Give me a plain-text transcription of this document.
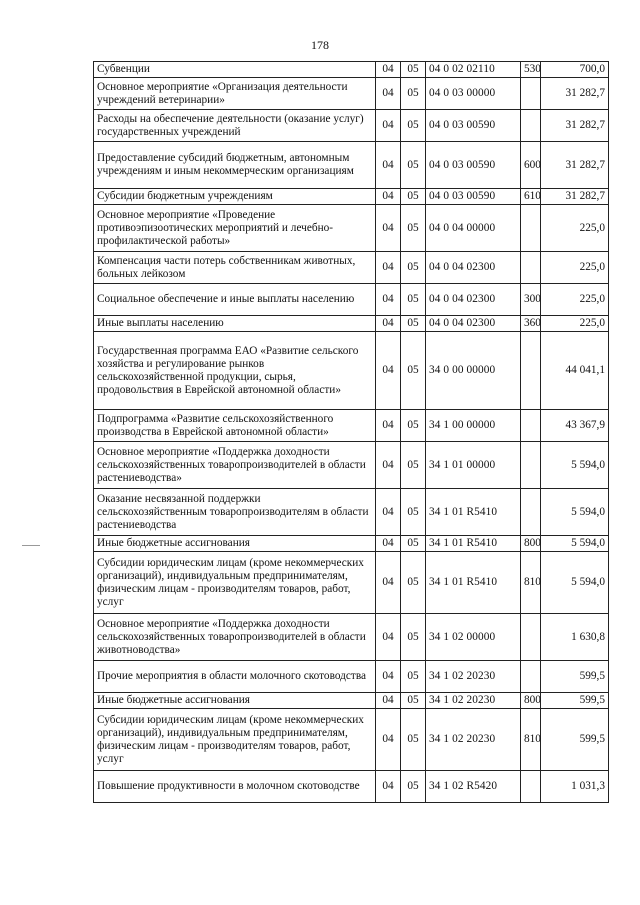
178
Субвенции	04	05	04 0 02 02110	530	700,0
Основное мероприятие «Организация деятельности учреждений ветеринарии»	04	05	04 0 03 00000		31 282,7
Расходы на обеспечение деятельности (оказание услуг) государственных учреждений	04	05	04 0 03 00590		31 282,7
Предоставление субсидий бюджетным, автономным учреждениям и иным некоммерческим организациям	04	05	04 0 03 00590	600	31 282,7
Субсидии бюджетным учреждениям	04	05	04 0 03 00590	610	31 282,7
Основное мероприятие «Проведение противоэпизоотических мероприятий и лечебно-профилактической работы»	04	05	04 0 04 00000		225,0
Компенсация части потерь собственникам животных, больных лейкозом	04	05	04 0 04 02300		225,0
Социальное обеспечение и иные выплаты населению	04	05	04 0 04 02300	300	225,0
Иные выплаты населению	04	05	04 0 04 02300	360	225,0
Государственная программа ЕАО «Развитие сельского хозяйства и регулирование рынков сельскохозяйственной продукции, сырья, продовольствия в Еврейской автономной области»	04	05	34 0 00 00000		44 041,1
Подпрограмма «Развитие сельскохозяйственного производства в Еврейской автономной области»	04	05	34 1 00 00000		43 367,9
Основное мероприятие «Поддержка доходности сельскохозяйственных товаропроизводителей в области растениеводства»	04	05	34 1 01 00000		5 594,0
Оказание несвязанной поддержки сельскохозяйственным товаропроизводителям в области растениеводства	04	05	34 1 01 R5410		5 594,0
Иные бюджетные ассигнования	04	05	34 1 01 R5410	800	5 594,0
Субсидии юридическим лицам (кроме некоммерческих организаций), индивидуальным предпринимателям, физическим лицам - производителям товаров, работ, услуг	04	05	34 1 01 R5410	810	5 594,0
Основное мероприятие «Поддержка доходности сельскохозяйственных товаропроизводителей в области животноводства»	04	05	34 1 02 00000		1 630,8
Прочие мероприятия в области молочного скотоводства	04	05	34 1 02 20230		599,5
Иные бюджетные ассигнования	04	05	34 1 02 20230	800	599,5
Субсидии юридическим лицам (кроме некоммерческих организаций), индивидуальным предпринимателям, физическим лицам - производителям товаров, работ, услуг	04	05	34 1 02 20230	810	599,5
Повышение продуктивности в молочном скотоводстве	04	05	34 1 02 R5420		1 031,3
